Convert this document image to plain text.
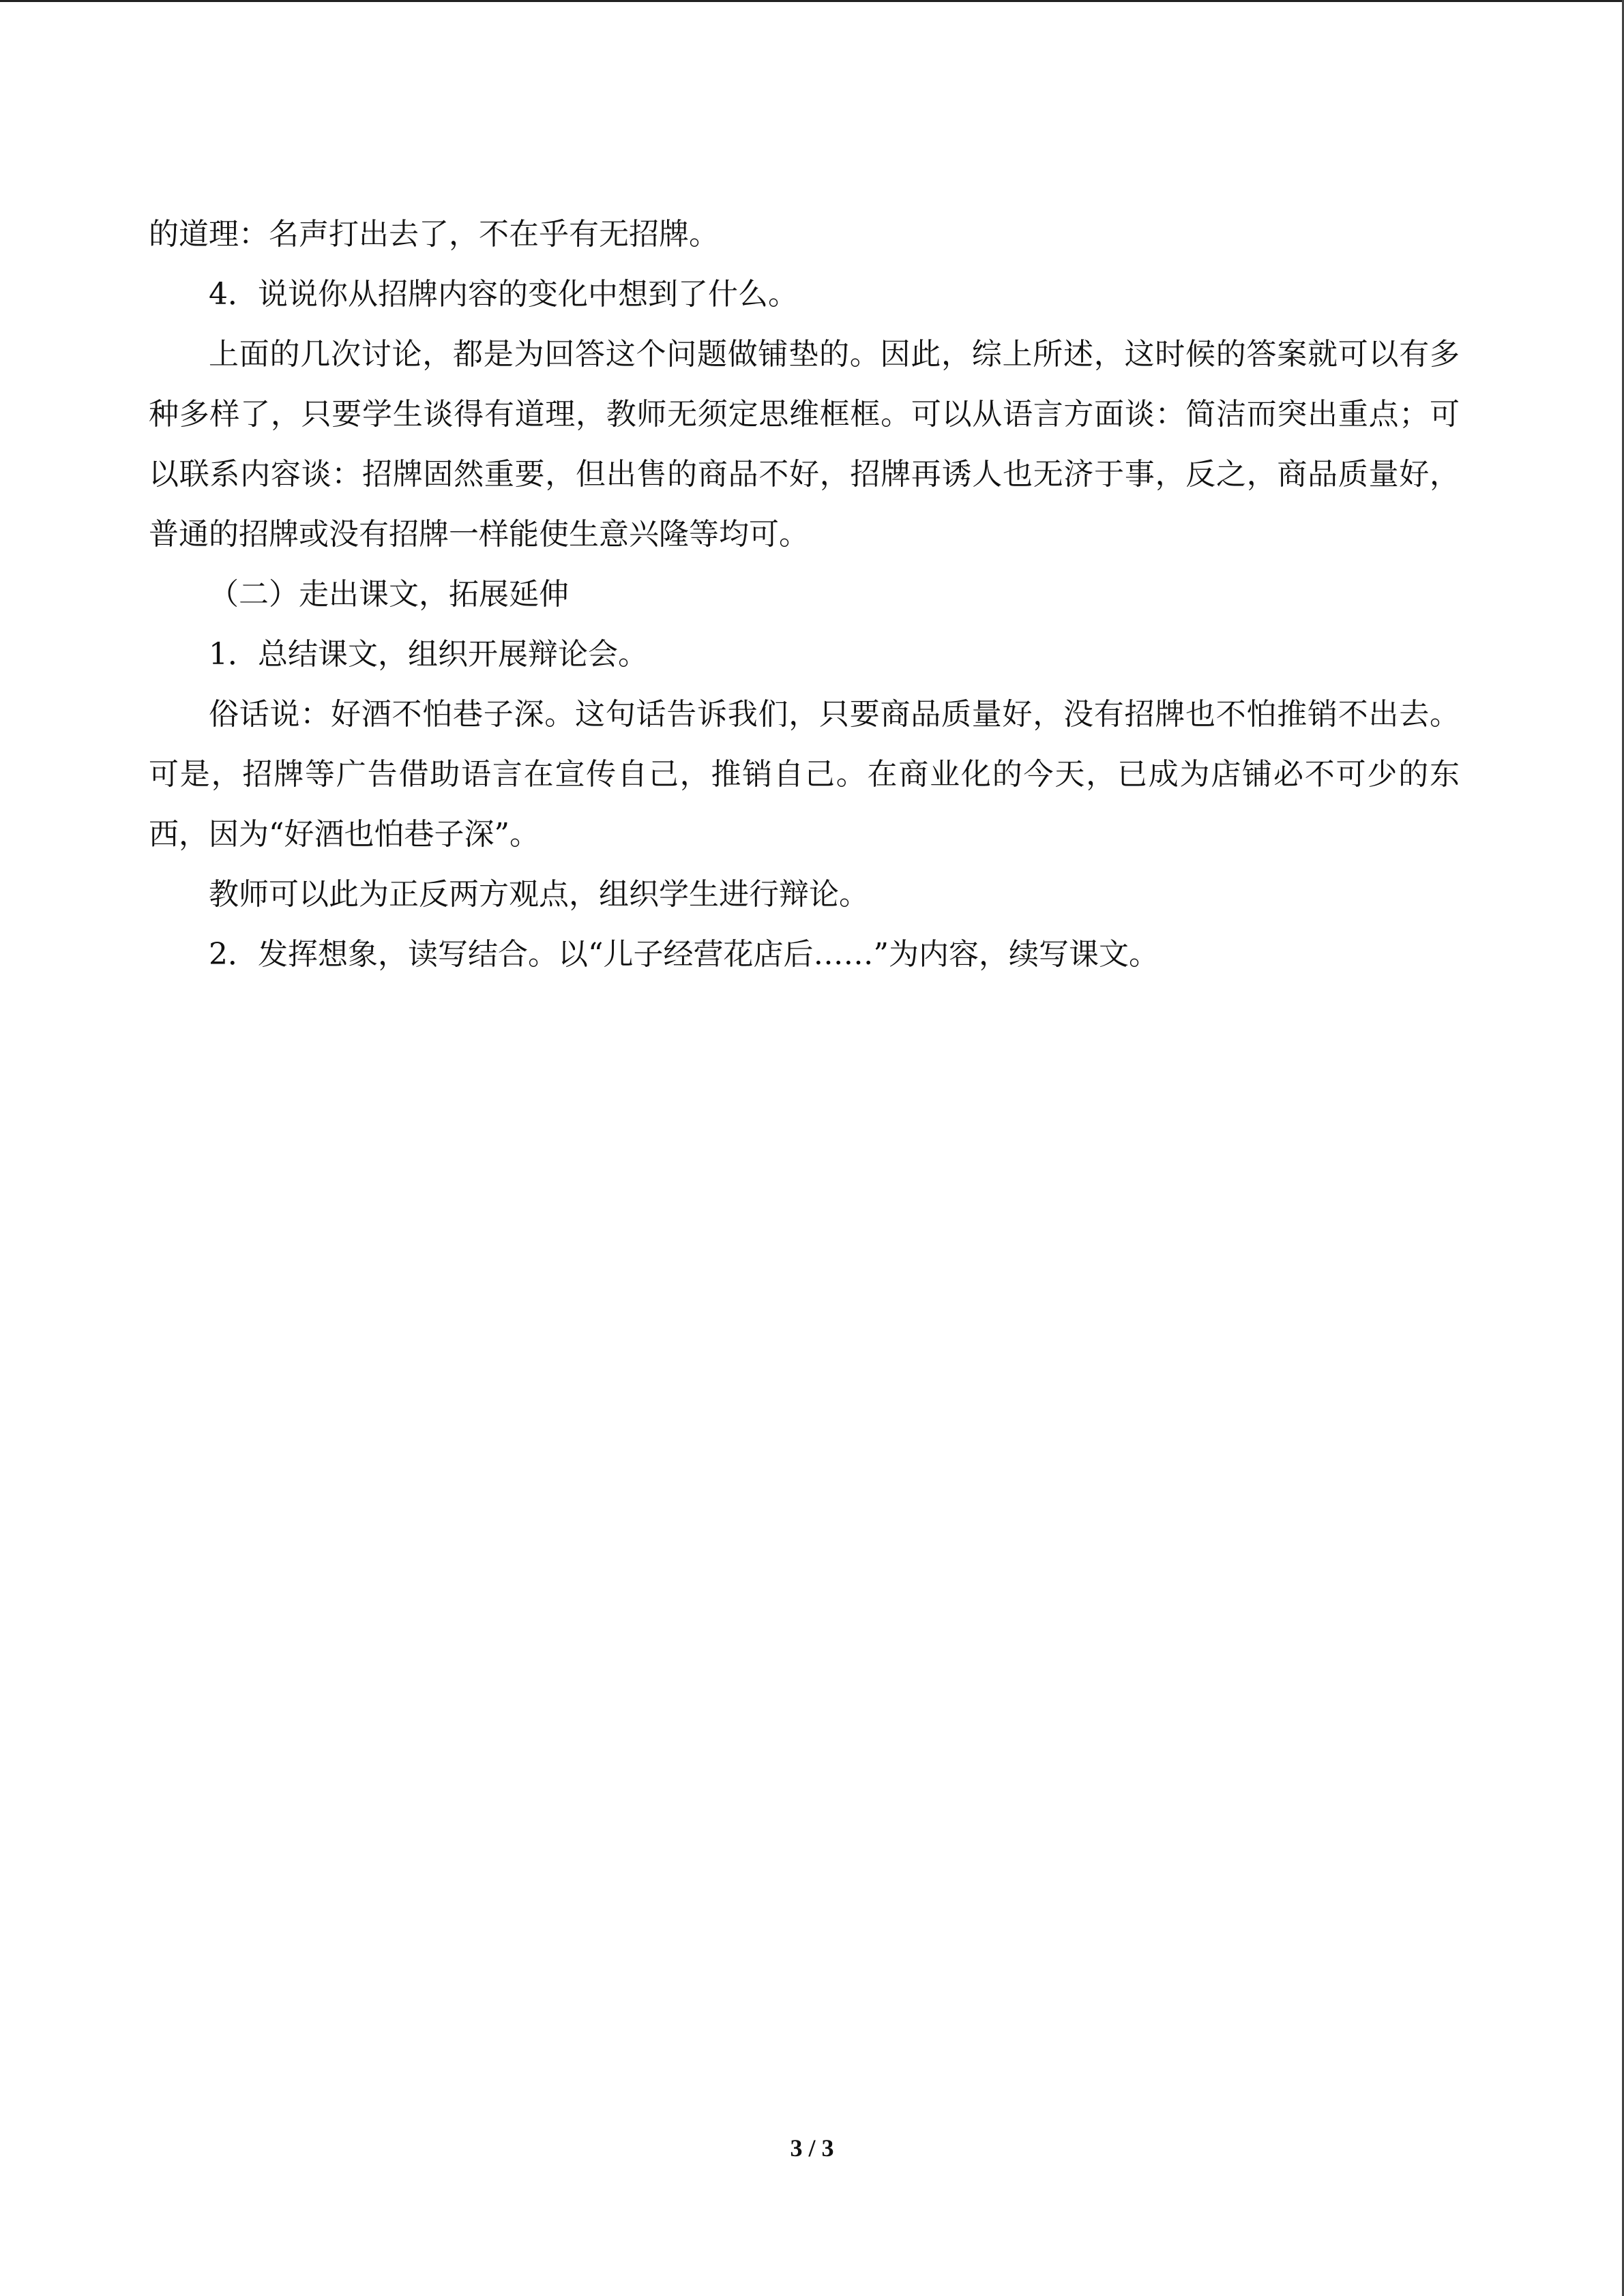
的道理：名声打出去了，不在乎有无招牌。

4．说说你从招牌内容的变化中想到了什么。

上面的几次讨论，都是为回答这个问题做铺垫的。因此，综上所述，这时候的答案就可以有多种多样了，只要学生谈得有道理，教师无须定思维框框。可以从语言方面谈：简洁而突出重点；可以联系内容谈：招牌固然重要，但出售的商品不好，招牌再诱人也无济于事，反之，商品质量好，普通的招牌或没有招牌一样能使生意兴隆等均可。

（二）走出课文，拓展延伸

1．总结课文，组织开展辩论会。

俗话说：好酒不怕巷子深。这句话告诉我们，只要商品质量好，没有招牌也不怕推销不出去。可是，招牌等广告借助语言在宣传自己，推销自己。在商业化的今天，已成为店铺必不可少的东西，因为“好酒也怕巷子深”。

教师可以此为正反两方观点，组织学生进行辩论。

2．发挥想象，读写结合。以“儿子经营花店后……”为内容，续写课文。

3 / 3
